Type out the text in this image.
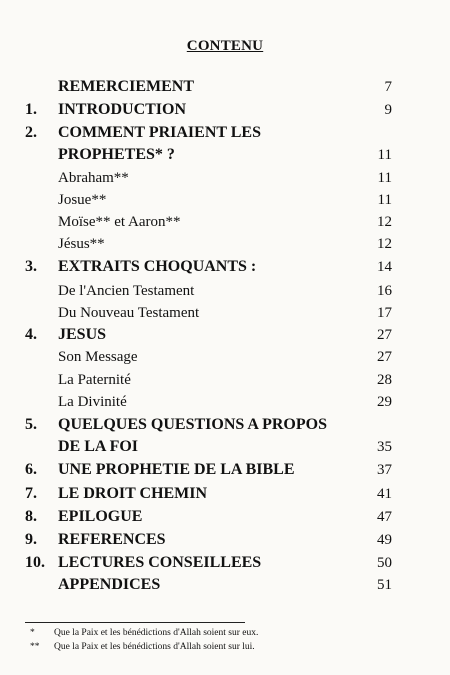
CONTENU
REMERCIEMENT	7
1. INTRODUCTION	9
2. COMMENT PRIAIENT LES
PROPHETES* ?	11
Abraham**	11
Josue**	11
Moïse** et Aaron**	12
Jésus**	12
3. EXTRAITS CHOQUANTS :	14
De l'Ancien Testament	16
Du Nouveau Testament	17
4. JESUS	27
Son Message	27
La Paternité	28
La Divinité	29
5. QUELQUES QUESTIONS A PROPOS
DE LA FOI	35
6. UNE PROPHETIE DE LA BIBLE	37
7. LE DROIT CHEMIN	41
8. EPILOGUE	47
9. REFERENCES	49
10. LECTURES CONSEILLEES	50
APPENDICES	51
* Que la Paix et les bénédictions d'Allah soient sur eux.
** Que la Paix et les bénédictions d'Allah soient sur lui.
